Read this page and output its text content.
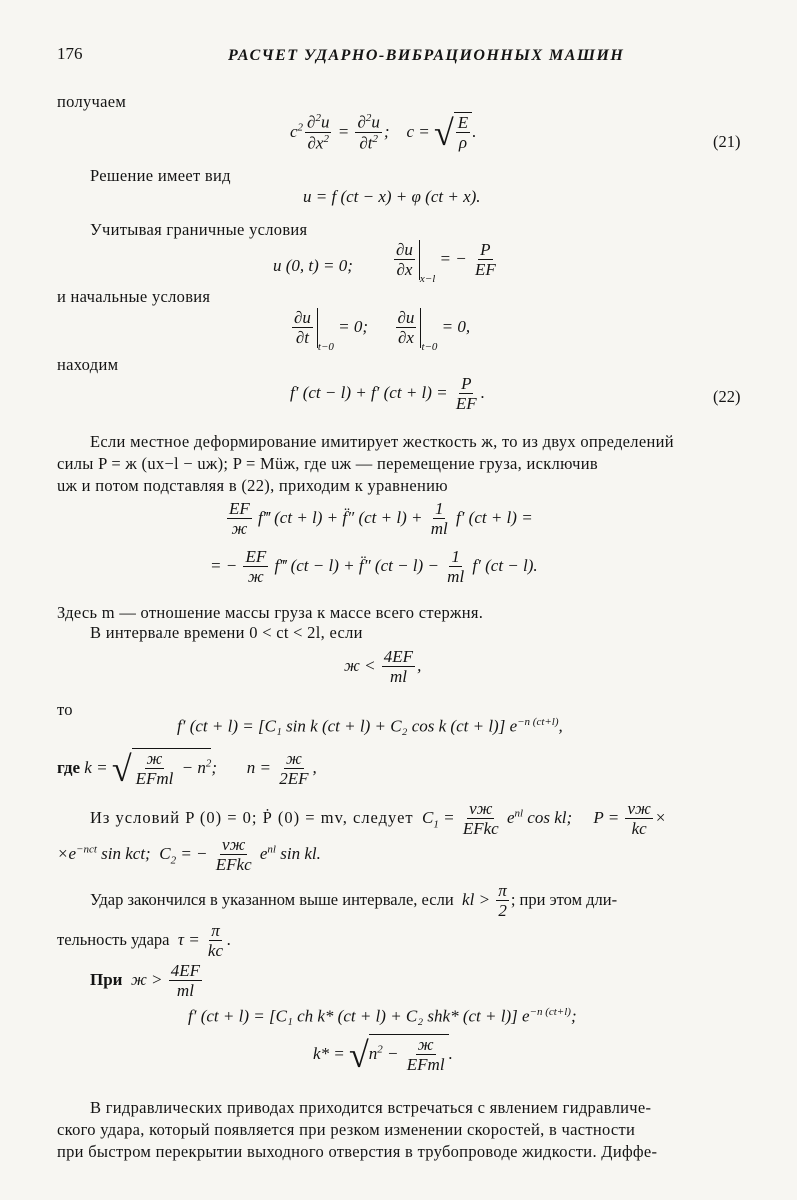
176	РАСЧЕТ УДАРНО-ВИБРАЦИОННЫХ МАШИН
получаем
$c^2 \frac{\partial^2u}{\partial x^2} = \frac{\partial^2u}{\partial t^2}$ ;    c = √ $\frac{E}{\rho}$ .
(21)
Решение имеет вид
u = f (ct − x) + φ (ct + x).
Учитывая граничные условия
u (0, t) = 0; $\frac{\partial u}{\partial x}$
$_{x-l}$ = − $\frac{P}{EF}$
и начальные условия
$\frac{\partial u}{\partial t}$
$_{t-0}$ = 0; $\frac{\partial u}{\partial x}$
$_{t-0}$ = 0,
находим
f′ (ct − l) + f′ $(ct + l) = \frac{P}{EF}$ .	(22)
Если местное деформирование имитирует жесткость ж, то из двух определений
силы P = ж (ux−l − uж); P = Müж, где uж — перемещение груза, исключив
uж и потом подставляя в (22), приходим к уравнению
$\frac{EF}{ж}$ f‴ (ct + l) + f̈″ $(ct + l) + \frac{1}{ml} f'$ (ct + l) =
= − $\frac{EF}{ж}$ f‴ (ct − l) + f̈″ $(ct - l) - \frac{1}{ml} f'$ (ct − l).
Здесь m — отношение массы груза к массе всего стержня.
В интервале времени 0 < ct < 2l, если
$ж < \frac{4EF}{ml}$ ,
то
f′ (ct + l) = [C₁ sin k (ct + l) + C₂ cos k (ct + l)] $e^{-n (ct+l)}$,
где k = √ $\frac{ж}{\text{EFml}} - n^2$;       $n = \frac{ж}{2EF}$ ,
Из условий P (0) = 0; Ṗ (0) = mv, следует  $C_1 = \frac{vж}{\text{EFkc}} e^{nl}$ cos kl;     $P = \frac{vж}{kc}$ ×
$\times e^{-nct}$ sin kct;  $C_2$ = − $\frac{vж}{\text{EFkc}} e^{nl}$ sin kl.
Удар закончился в указанном выше интервале, если  kl > $\frac{\pi}{2}$ ; при этом дли-
тельность удара  $\tau = \frac{\pi}{kc}$ .
При  $ж > \frac{4EF}{ml}$
f′ (ct + l) = [C₁ ch k* (ct + l) + C₂ shk* (ct + l)] $e^{-n (ct+l)}$;
$k* = √n^2 - \frac{ж}{\text{EFml}}$ .
В гидравлических приводах приходится встречаться с явлением гидравличе-
ского удара, который появляется при резком изменении скоростей, в частности
при быстром перекрытии выходного отверстия в трубопроводе жидкости. Диффе-
